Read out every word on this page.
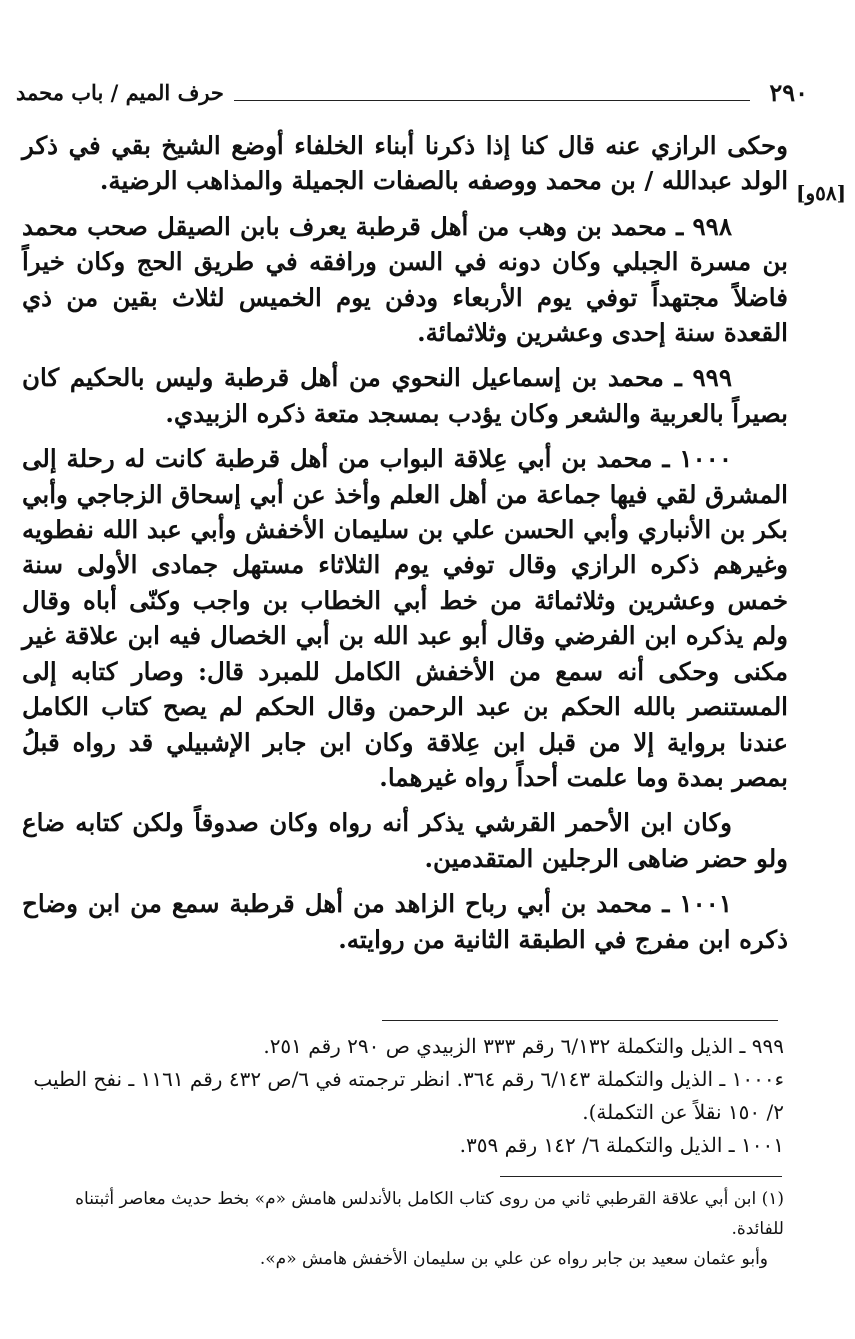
٢٩٠
حرف الميم / باب محمد
[٥٨و]

وحكى الرازي عنه قال كنا إذا ذكرنا أبناء الخلفاء أوضع الشيخ بقي في ذكر الولد عبدالله / بن محمد ووصفه بالصفات الجميلة والمذاهب الرضية.

٩٩٨ ـ محمد بن وهب من أهل قرطبة يعرف بابن الصيقل صحب محمد بن مسرة الجبلي وكان دونه في السن ورافقه في طريق الحج وكان خيراً فاضلاً مجتهداً توفي يوم الأربعاء ودفن يوم الخميس لثلاث بقين من ذي القعدة سنة إحدى وعشرين وثلاثمائة.

٩٩٩ ـ محمد بن إسماعيل النحوي من أهل قرطبة وليس بالحكيم كان بصيراً بالعربية والشعر وكان يؤدب بمسجد متعة ذكره الزبيدي.

١٠٠٠ ـ محمد بن أبي عِلاقة البواب من أهل قرطبة كانت له رحلة إلى المشرق لقي فيها جماعة من أهل العلم وأخذ عن أبي إسحاق الزجاجي وأبي بكر بن الأنباري وأبي الحسن علي بن سليمان الأخفش وأبي عبد الله نفطويه وغيرهم ذكره الرازي وقال توفي يوم الثلاثاء مستهل جمادى الأولى سنة خمس وعشرين وثلاثمائة من خط أبي الخطاب بن واجب وكنّى أباه وقال ولم يذكره ابن الفرضي وقال أبو عبد الله بن أبي الخصال فيه ابن علاقة غير مكنى وحكى أنه سمع من الأخفش الكامل للمبرد قال: وصار كتابه إلى المستنصر بالله الحكم بن عبد الرحمن وقال الحكم لم يصح كتاب الكامل عندنا برواية إلا من قبل ابن عِلاقة وكان ابن جابر الإشبيلي قد رواه قبلُ بمصر بمدة وما علمت أحداً رواه غيرهما.

وكان ابن الأحمر القرشي يذكر أنه رواه وكان صدوقاً ولكن كتابه ضاع ولو حضر ضاهى الرجلين المتقدمين.

١٠٠١ ـ محمد بن أبي رباح الزاهد من أهل قرطبة سمع من ابن وضاح ذكره ابن مفرج في الطبقة الثانية من روايته.

٩٩٩ ـ الذيل والتكملة ٦/١٣٢ رقم ٣٣٣ الزبيدي ص ٢٩٠ رقم ٢٥١.

ء١٠٠٠ ـ الذيل والتكملة ٦/١٤٣ رقم ٣٦٤. انظر ترجمته في ٦/ص ٤٣٢ رقم ١١٦١ ـ نفح الطيب ٢/ ١٥٠ نقلاً عن التكملة).

١٠٠١ ـ الذيل والتكملة ٦/ ١٤٢ رقم ٣٥٩.

(١) ابن أبي علاقة القرطبي ثاني من روى كتاب الكامل بالأندلس هامش «م» بخط حديث معاصر أثبتناه للفائدة.

وأبو عثمان سعيد بن جابر رواه عن علي بن سليمان الأخفش هامش «م».
